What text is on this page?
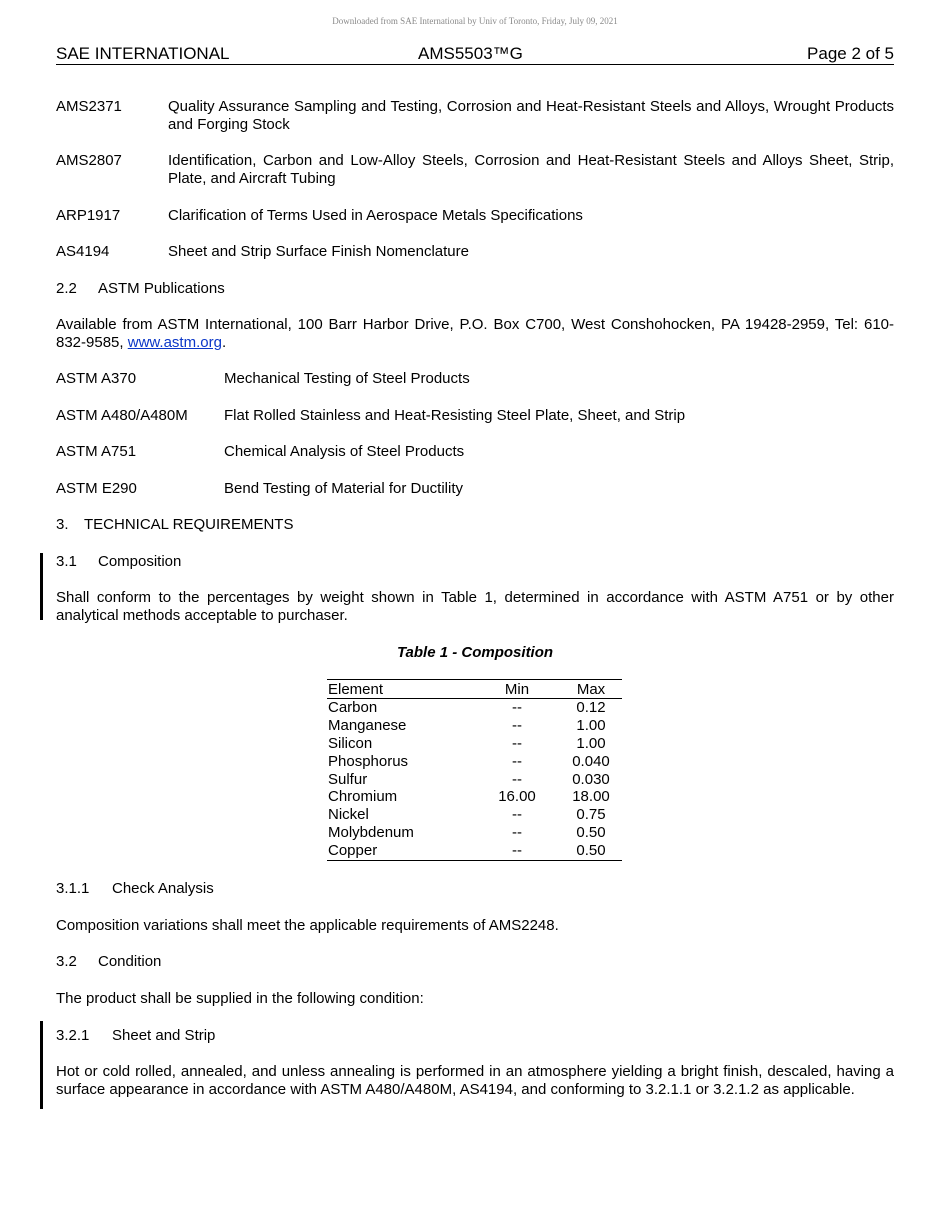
Downloaded from SAE International by Univ of Toronto, Friday, July 09, 2021
SAE INTERNATIONAL	AMS5503™G	Page 2 of 5
AMS2371	Quality Assurance Sampling and Testing, Corrosion and Heat-Resistant Steels and Alloys, Wrought Products and Forging Stock
AMS2807	Identification, Carbon and Low-Alloy Steels, Corrosion and Heat-Resistant Steels and Alloys Sheet, Strip, Plate, and Aircraft Tubing
ARP1917	Clarification of Terms Used in Aerospace Metals Specifications
AS4194	Sheet and Strip Surface Finish Nomenclature
2.2 ASTM Publications
Available from ASTM International, 100 Barr Harbor Drive, P.O. Box C700, West Conshohocken, PA 19428-2959, Tel: 610-832-9585, www.astm.org.
ASTM A370	Mechanical Testing of Steel Products
ASTM A480/A480M Flat Rolled Stainless and Heat-Resisting Steel Plate, Sheet, and Strip
ASTM A751	Chemical Analysis of Steel Products
ASTM E290	Bend Testing of Material for Ductility
3. TECHNICAL REQUIREMENTS
3.1 Composition
Shall conform to the percentages by weight shown in Table 1, determined in accordance with ASTM A751 or by other analytical methods acceptable to purchaser.
Table 1 - Composition
Element	Min	Max
Carbon	--	0.12
Manganese	--	1.00
Silicon	--	1.00
Phosphorus	--	0.040
Sulfur	--	0.030
Chromium	16.00	18.00
Nickel	--	0.75
Molybdenum	--	0.50
Copper	--	0.50
3.1.1 Check Analysis
Composition variations shall meet the applicable requirements of AMS2248.
3.2 Condition
The product shall be supplied in the following condition:
3.2.1 Sheet and Strip
Hot or cold rolled, annealed, and unless annealing is performed in an atmosphere yielding a bright finish, descaled, having a surface appearance in accordance with ASTM A480/A480M, AS4194, and conforming to 3.2.1.1 or 3.2.1.2 as applicable.
